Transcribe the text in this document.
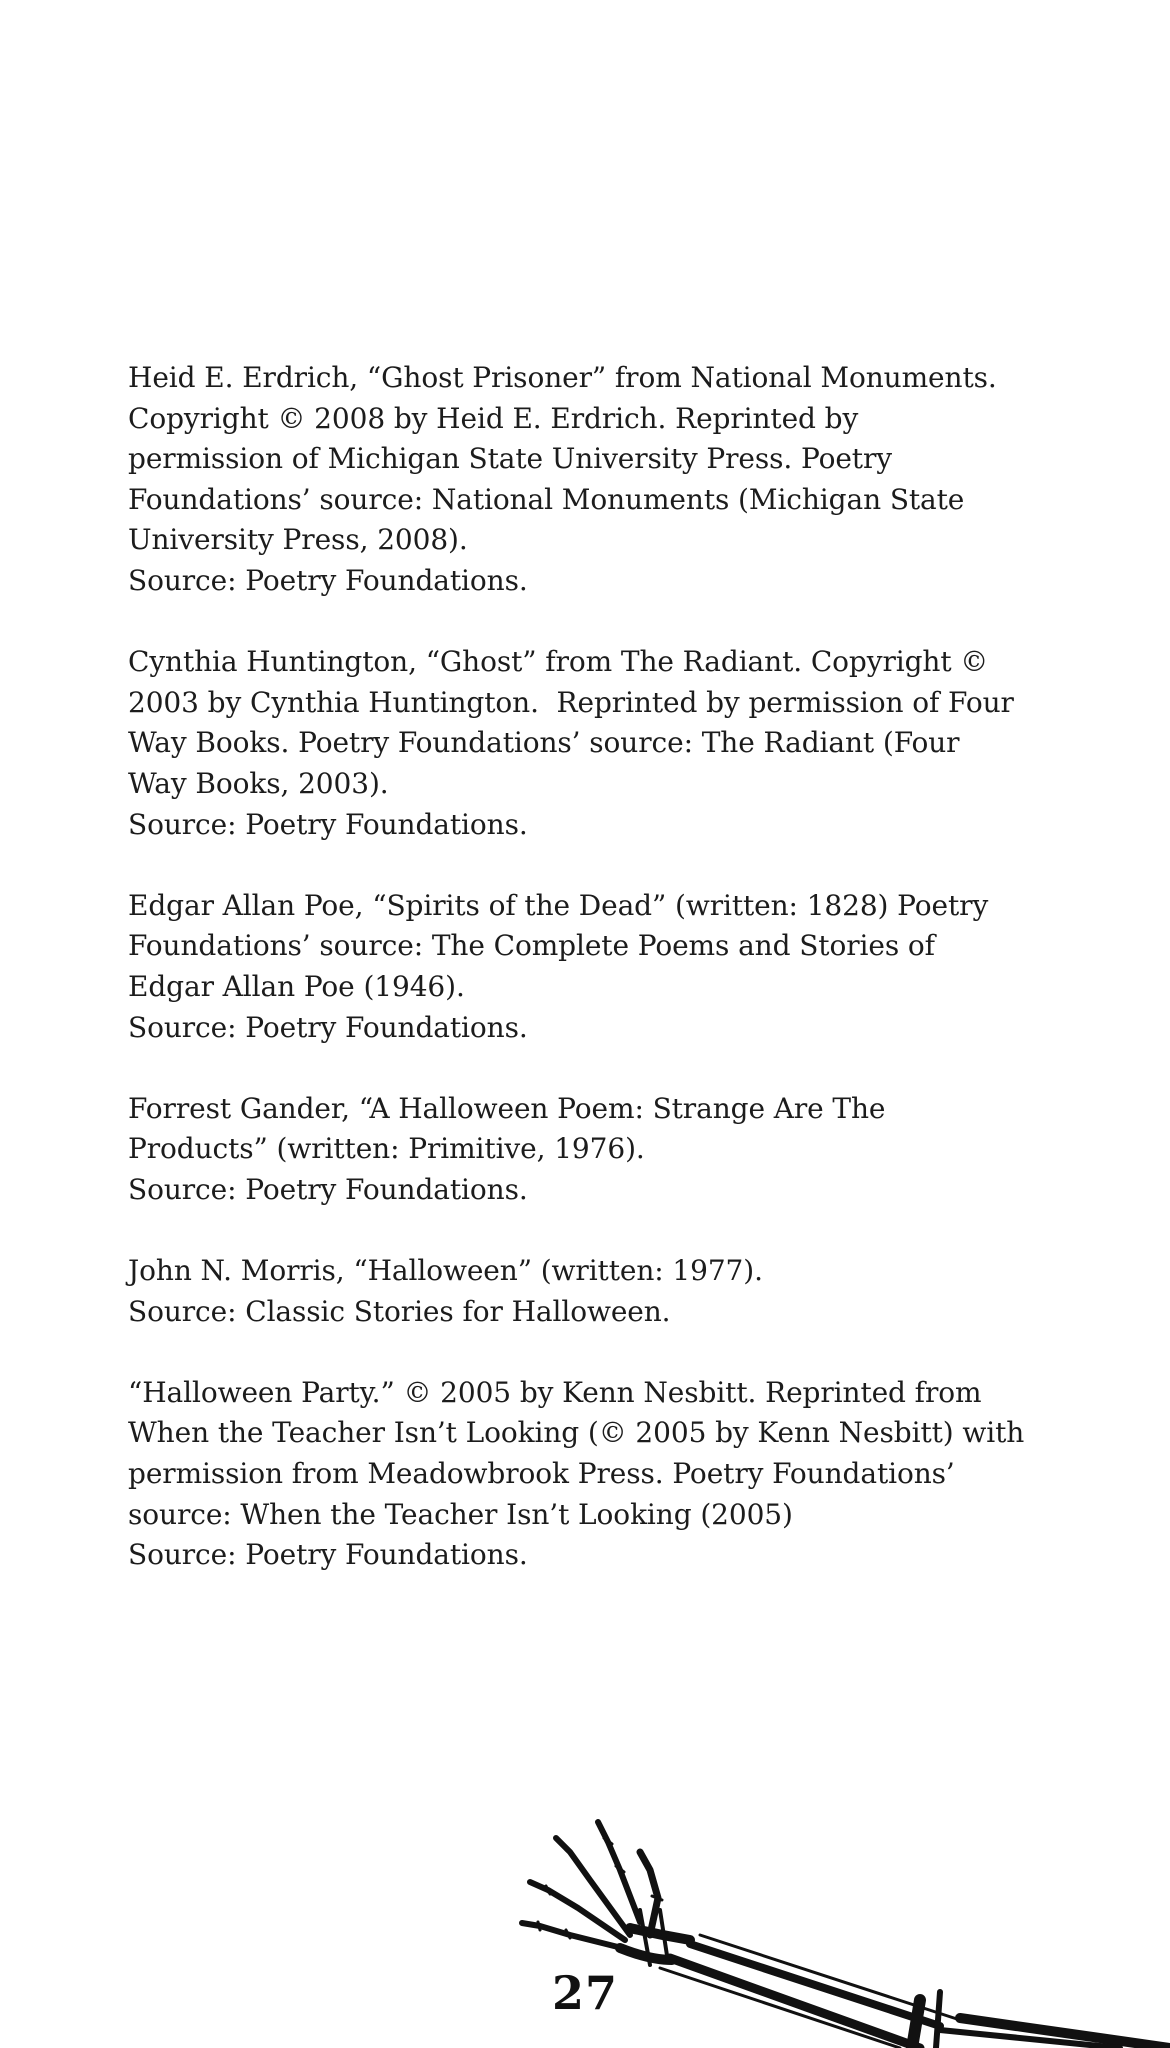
Heid E. Erdrich, “Ghost Prisoner” from National Monuments.

Copyright © 2008 by Heid E. Erdrich. Reprinted by

permission of Michigan State University Press. Poetry

Foundations’ source: National Monuments (Michigan State

University Press, 2008).

Source: Poetry Foundations.

Cynthia Huntington, “Ghost” from The Radiant. Copyright ©

2003 by Cynthia Huntington.  Reprinted by permission of Four

Way Books. Poetry Foundations’ source: The Radiant (Four

Way Books, 2003).

Source: Poetry Foundations.

Edgar Allan Poe, “Spirits of the Dead” (written: 1828) Poetry

Foundations’ source: The Complete Poems and Stories of

Edgar Allan Poe (1946).

Source: Poetry Foundations.

Forrest Gander, “A Halloween Poem: Strange Are The

Products” (written: Primitive, 1976).

Source: Poetry Foundations.

John N. Morris, “Halloween” (written: 1977).

Source: Classic Stories for Halloween.

“Halloween Party.” © 2005 by Kenn Nesbitt. Reprinted from

When the Teacher Isn’t Looking (© 2005 by Kenn Nesbitt) with

permission from Meadowbrook Press. Poetry Foundations’

source: When the Teacher Isn’t Looking (2005)

Source: Poetry Foundations.

27
